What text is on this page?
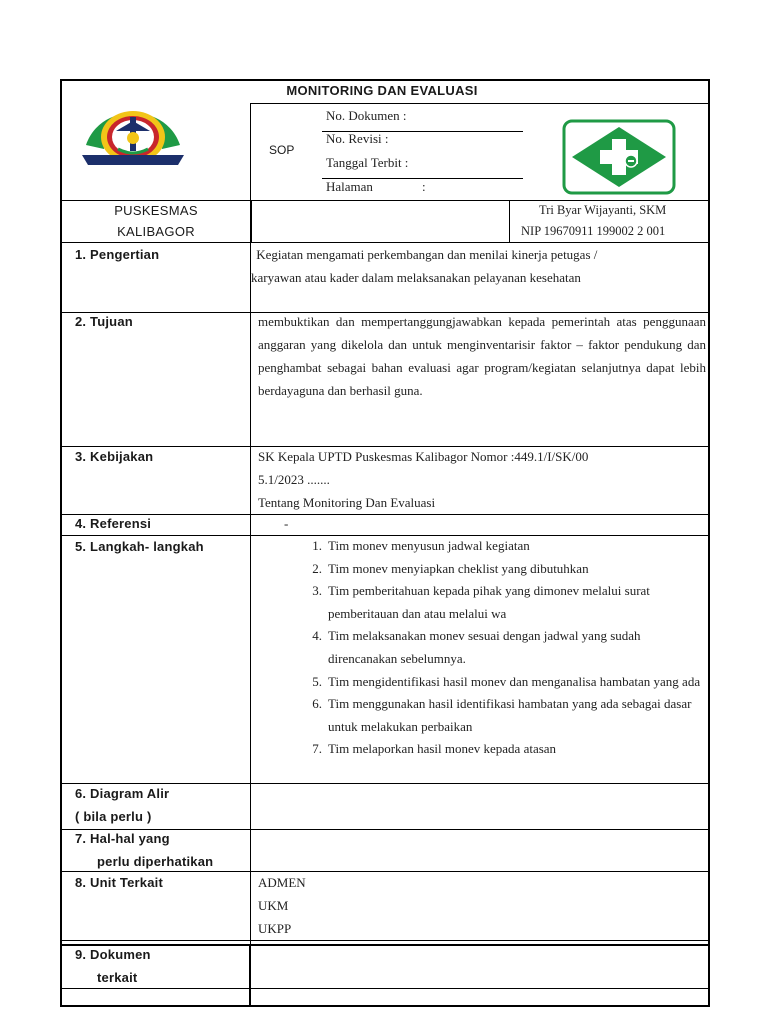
MONITORING DAN EVALUASI
SOP
No. Dokumen :
No. Revisi :
Tanggal Terbit :
Halaman	:
PUSKESMAS
KALIBAGOR
Tri Byar Wijayanti, SKM
NIP 19670911 199002 2 001
1. Pengertian	Kegiatan mengamati perkembangan dan menilai kinerja petugas /
karyawan atau kader dalam melaksanakan pelayanan kesehatan
2. Tujuan	membuktikan dan mempertanggungjawabkan kepada pemerintah atas penggunaan anggaran yang dikelola dan untuk menginventarisir faktor – faktor pendukung dan penghambat sebagai bahan evaluasi agar program/kegiatan selanjutnya dapat lebih berdayaguna dan berhasil guna.
3. Kebijakan	SK Kepala UPTD Puskesmas Kalibagor Nomor :449.1/I/SK/00
5.1/2023 .......
Tentang Monitoring Dan Evaluasi
4. Referensi	-
5. Langkah- langkah	1. Tim monev menyusun jadwal kegiatan
2. Tim monev menyiapkan cheklist yang dibutuhkan
3. Tim pemberitahuan kepada pihak yang dimonev melalui surat pemberitauan dan atau melalui wa
4. Tim melaksanakan monev sesuai dengan jadwal yang sudah direncanakan sebelumnya.
5. Tim mengidentifikasi hasil monev dan menganalisa hambatan yang ada
6. Tim menggunakan hasil identifikasi hambatan yang ada sebagai dasar untuk melakukan perbaikan
7. Tim melaporkan hasil monev kepada atasan
6. Diagram Alir
( bila perlu )
7. Hal-hal yang
perlu diperhatikan
8. Unit Terkait	ADMEN
UKM
UKPP
9. Dokumen
terkait
